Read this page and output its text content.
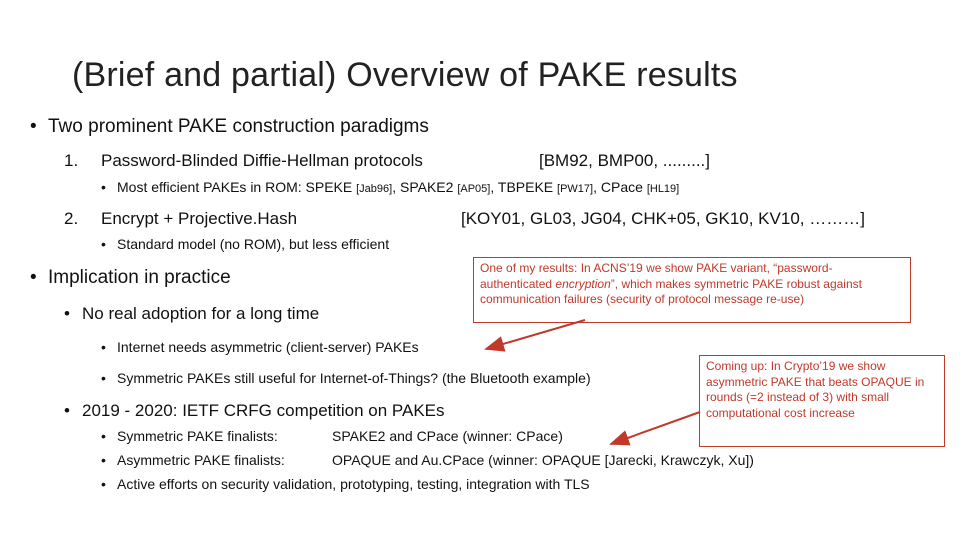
(Brief and partial) Overview of PAKE results
• Two prominent PAKE construction paradigms
1. Password-Blinded Diffie-Hellman protocols	[BM92, BMP00, .........]
• Most efficient PAKEs in ROM: SPEKE [Jab96], SPAKE2 [AP05], TBPEKE [PW17], CPace [HL19]
2. Encrypt + Projective.Hash	[KOY01, GL03, JG04, CHK+05, GK10, KV10, ………]
• Standard model (no ROM), but less efficient
• Implication in practice
• No real adoption for a long time
• Internet needs asymmetric (client-server) PAKEs
• Symmetric PAKEs still useful for Internet-of-Things? (the Bluetooth example)
• 2019 - 2020: IETF CRFG competition on PAKEs
• Symmetric PAKE finalists:	SPAKE2 and CPace (winner: CPace)
• Asymmetric PAKE finalists:	OPAQUE and Au.CPace (winner: OPAQUE [Jarecki, Krawczyk, Xu])
• Active efforts on security validation, prototyping, testing, integration with TLS
One of my results: In ACNS’19 we show PAKE variant, “password-authenticated encryption”, which makes symmetric PAKE robust against communication failures (security of protocol message re-use)
Coming up: In Crypto’19 we show asymmetric PAKE that beats OPAQUE in rounds (=2 instead of 3) with small computational cost increase
